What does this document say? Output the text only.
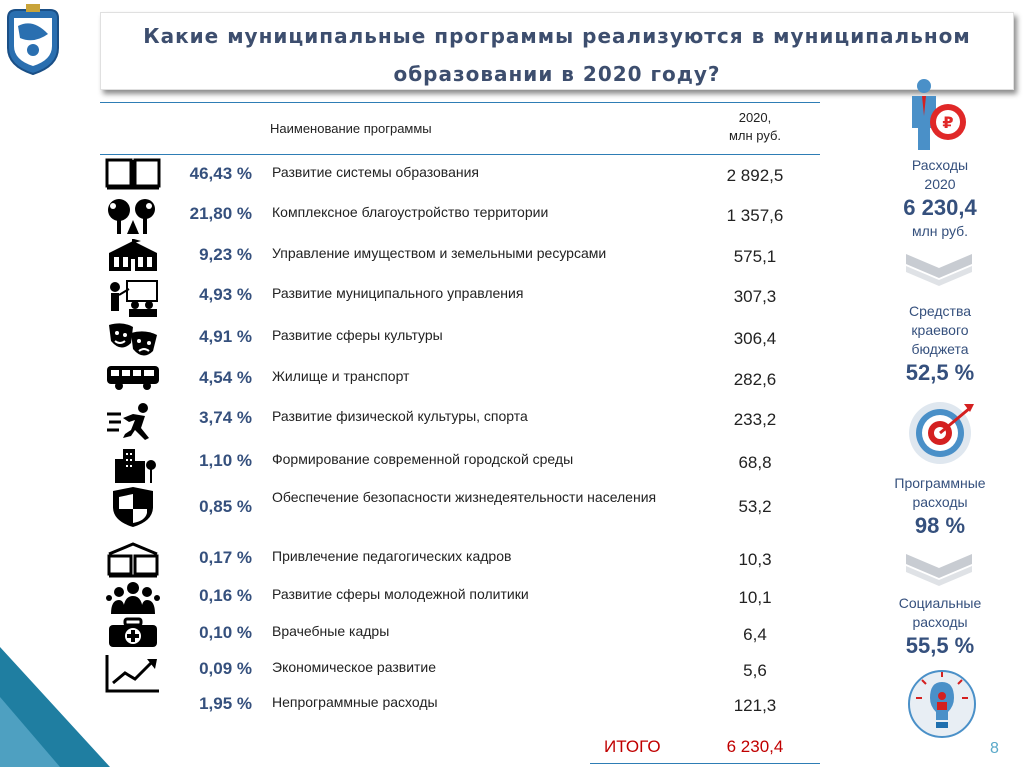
Какие муниципальные программы реализуются в муниципальном
образовании в 2020 году?
Наименование программы
2020,
млн руб.
46,43 % Развитие системы образования	2 892,5
21,80 % Комплексное благоустройство территории	1 357,6
9,23 % Управление имуществом и земельными ресурсами	575,1
4,93 % Развитие муниципального управления	307,3
4,91 % Развитие сферы культуры	306,4
4,54 % Жилище и транспорт	282,6
3,74 % Развитие физической культуры, спорта	233,2
1,10 % Формирование современной городской среды	68,8
0,85 % Обеспечение безопасности жизнедеятельности населения	53,2
0,17 % Привлечение педагогических кадров	10,3
0,16 % Развитие сферы молодежной политики	10,1
0,10 % Врачебные кадры	6,4
0,09 % Экономическое развитие	5,6
1,95 % Непрограммные расходы	121,3
ИТОГО	6 230,4
₽
Расходы
2020
6 230,4
млн руб.
Средства
краевого
бюджета
52,5 %
Программные
расходы
98 %
Социальные
расходы
55,5 %
8
